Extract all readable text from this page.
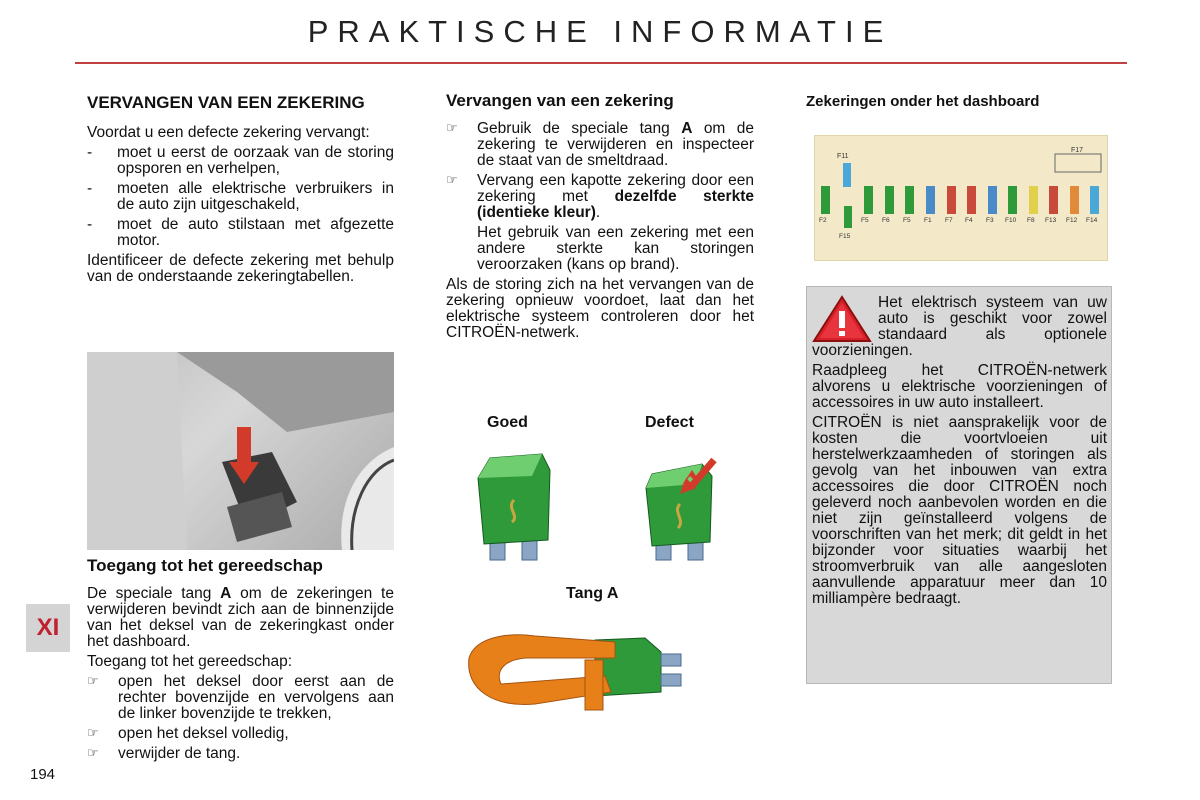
PRAKTISCHE INFORMATIE
VERVANGEN VAN EEN ZEKERING

Voordat u een defecte zekering vervangt:

- moet u eerst de oorzaak van de storing opsporen en verhelpen,
- moeten alle elektrische verbruikers in de auto zijn uitgeschakeld,
- moet de auto stilstaan met afgezette motor.

Identificeer de defecte zekering met behulp van de onderstaande zekeringtabellen.

Toegang tot het gereedschap

De speciale tang A om de zekeringen te verwijderen bevindt zich aan de binnenzijde van het deksel van de zekeringkast onder het dashboard.

Toegang tot het gereedschap:

☞ open het deksel door eerst aan de rechter bovenzijde en vervolgens aan de linker bovenzijde te trekken,
☞ open het deksel volledig,
☞ verwijder de tang.
Vervangen van een zekering
☞ Gebruik de speciale tang A om de zekering te verwijderen en inspecteer de staat van de smeltdraad.
☞ Vervang een kapotte zekering door een zekering met dezelfde sterkte (identieke kleur).

Het gebruik van een zekering met een andere sterkte kan storingen veroorzaken (kans op brand).

Als de storing zich na het vervangen van de zekering opnieuw voordoet, laat dan het elektrische systeem controleren door het CITROËN-netwerk.

Goed	Defect
Tang A
Zekeringen onder het dashboard
F11
F17
F2	F5 F6 F5 F1 F7 F4 F3 F10 F8 F13 F12 F14
F15

Het elektrisch systeem van uw auto is geschikt voor zowel standaard als optionele voorzieningen.

Raadpleeg het CITROËN-netwerk alvorens u elektrische voorzieningen of accessoires in uw auto installeert.

CITROËN is niet aansprakelijk voor de kosten die voortvloeien uit herstelwerkzaamheden of storingen als gevolg van het inbouwen van extra accessoires die door CITROËN noch geleverd noch aanbevolen worden en die niet zijn geïnstalleerd volgens de voorschriften van het merk; dit geldt in het bijzonder voor situaties waarbij het stroomverbruik van alle aangesloten aanvullende apparatuur meer dan 10 milliampère bedraagt.

XI
194
